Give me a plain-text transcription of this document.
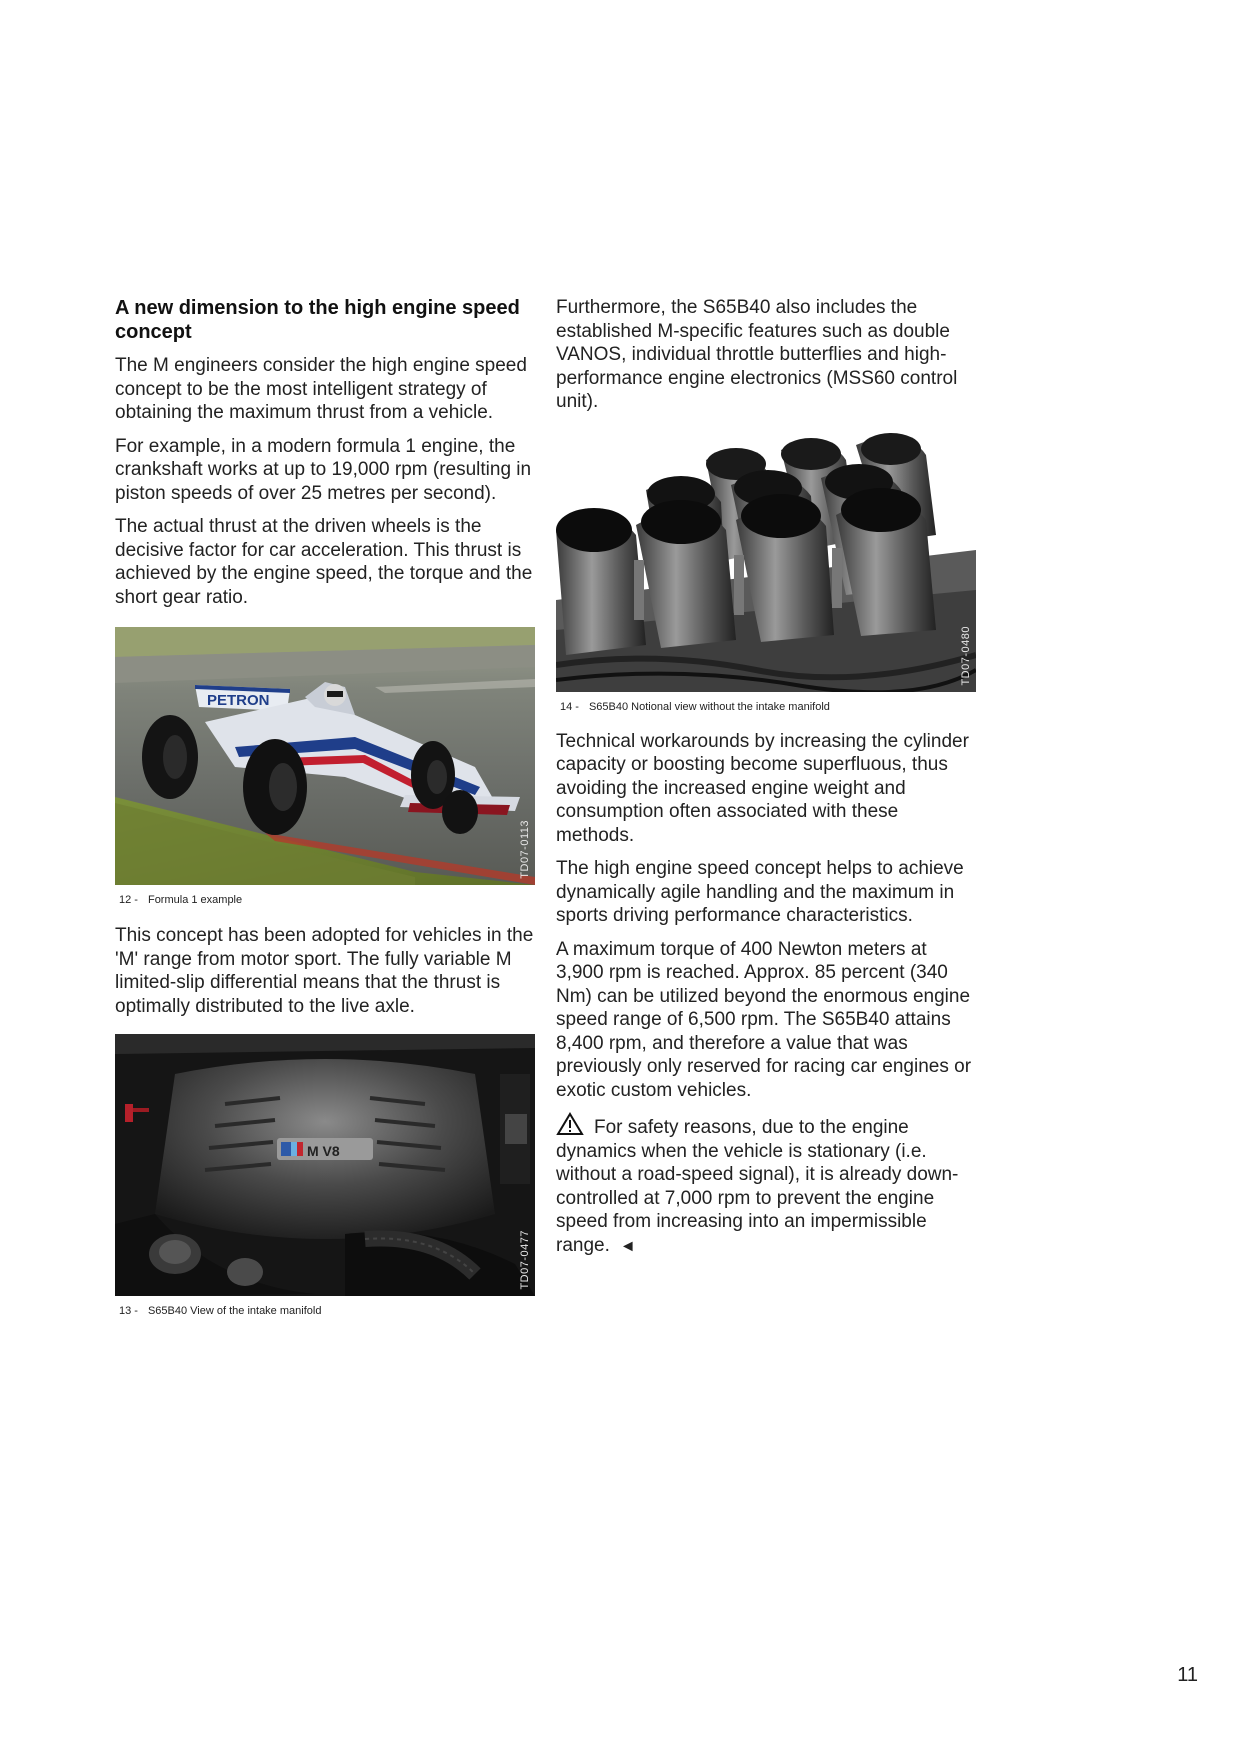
A new dimension to the high engine speed concept

The M engineers consider the high engine speed concept to be the most intelligent strategy of obtaining the maximum thrust from a vehicle.

For example, in a modern formula 1 engine, the crankshaft works at up to 19,000 rpm (resulting in piston speeds of over 25 metres per second).

The actual thrust at the driven wheels is the decisive factor for car acceleration. This thrust is achieved by the engine speed, the torque and the short gear ratio.

PETRON
TD07-0113
12 - Formula 1 example

This concept has been adopted for vehicles in the 'M' range from motor sport. The fully variable M limited-slip differential means that the thrust is optimally distributed to the live axle.

M V8
TD07-0477
13 - S65B40 View of the intake manifold

Furthermore, the S65B40 also includes the established M-specific features such as double VANOS, individual throttle butterflies and high-performance engine electronics (MSS60 control unit).

TD07-0480
14 - S65B40 Notional view without the intake manifold

Technical workarounds by increasing the cylinder capacity or boosting become superfluous, thus avoiding the increased engine weight and consumption often associated with these methods.

The high engine speed concept helps to achieve dynamically agile handling and the maximum in sports driving performance characteristics.

A maximum torque of 400 Newton meters at 3,900 rpm is reached. Approx. 85 percent (340 Nm) can be utilized beyond the enormous engine speed range of 6,500 rpm. The S65B40 attains 8,400 rpm, and therefore a value that was previously only reserved for racing car engines or exotic custom vehicles.

For safety reasons, due to the engine dynamics when the vehicle is stationary (i.e. without a road-speed signal), it is already down-controlled at 7,000 rpm to prevent the engine speed from increasing into an impermissible range. ◄

11
